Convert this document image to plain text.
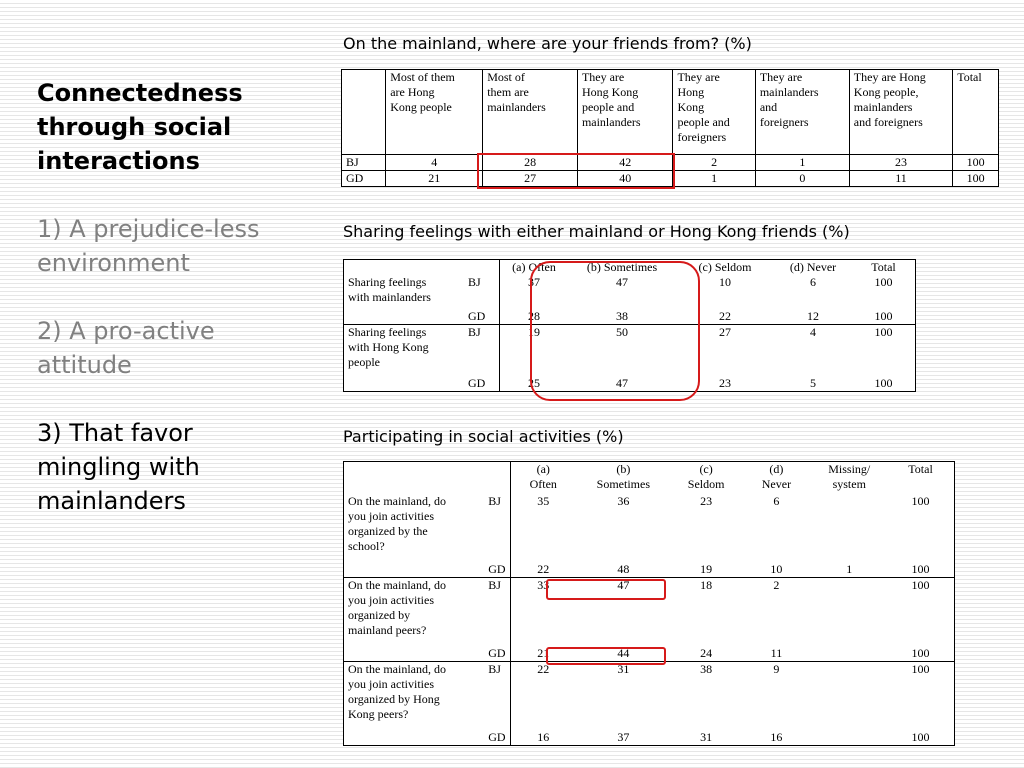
Connectedness
through social
interactions

1) A prejudice-less
environment

2) A pro-active
attitude

3) That favor
mingling with
mainlanders

On the mainland, where are your friends from? (%)
	Most of them
are Hong
Kong people	Most of
them are
mainlanders	They are
Hong Kong
people and
mainlanders	They are
Hong
Kong
people and
foreigners	They are
mainlanders
and
foreigners	They are Hong
Kong people,
mainlanders
and foreigners	Total
BJ	4	28	42	2	1	23	100
GD	21	27	40	1	0	11	100
Sharing feelings with either mainland or Hong Kong friends (%)
		(a) Often	(b) Sometimes	(c) Seldom	(d) Never	Total
Sharing feelings
with mainlanders	BJ	37	47	10	6	100
	GD	28	38	22	12	100
Sharing feelings
with Hong Kong
people	BJ	19	50	27	4	100
	GD	25	47	23	5	100
Participating in social activities (%)
		(a)
Often	(b)
Sometimes	(c)
Seldom	(d)
Never	Missing/
system	Total
On the mainland, do
you join activities
organized by the
school?	BJ	35	36	23	6		100
	GD	22	48	19	10	1	100
On the mainland, do
you join activities
organized by
mainland peers?	BJ	33	47	18	2		100
	GD	21	44	24	11		100
On the mainland, do
you join activities
organized by Hong
Kong peers?	BJ	22	31	38	9		100
	GD	16	37	31	16		100
